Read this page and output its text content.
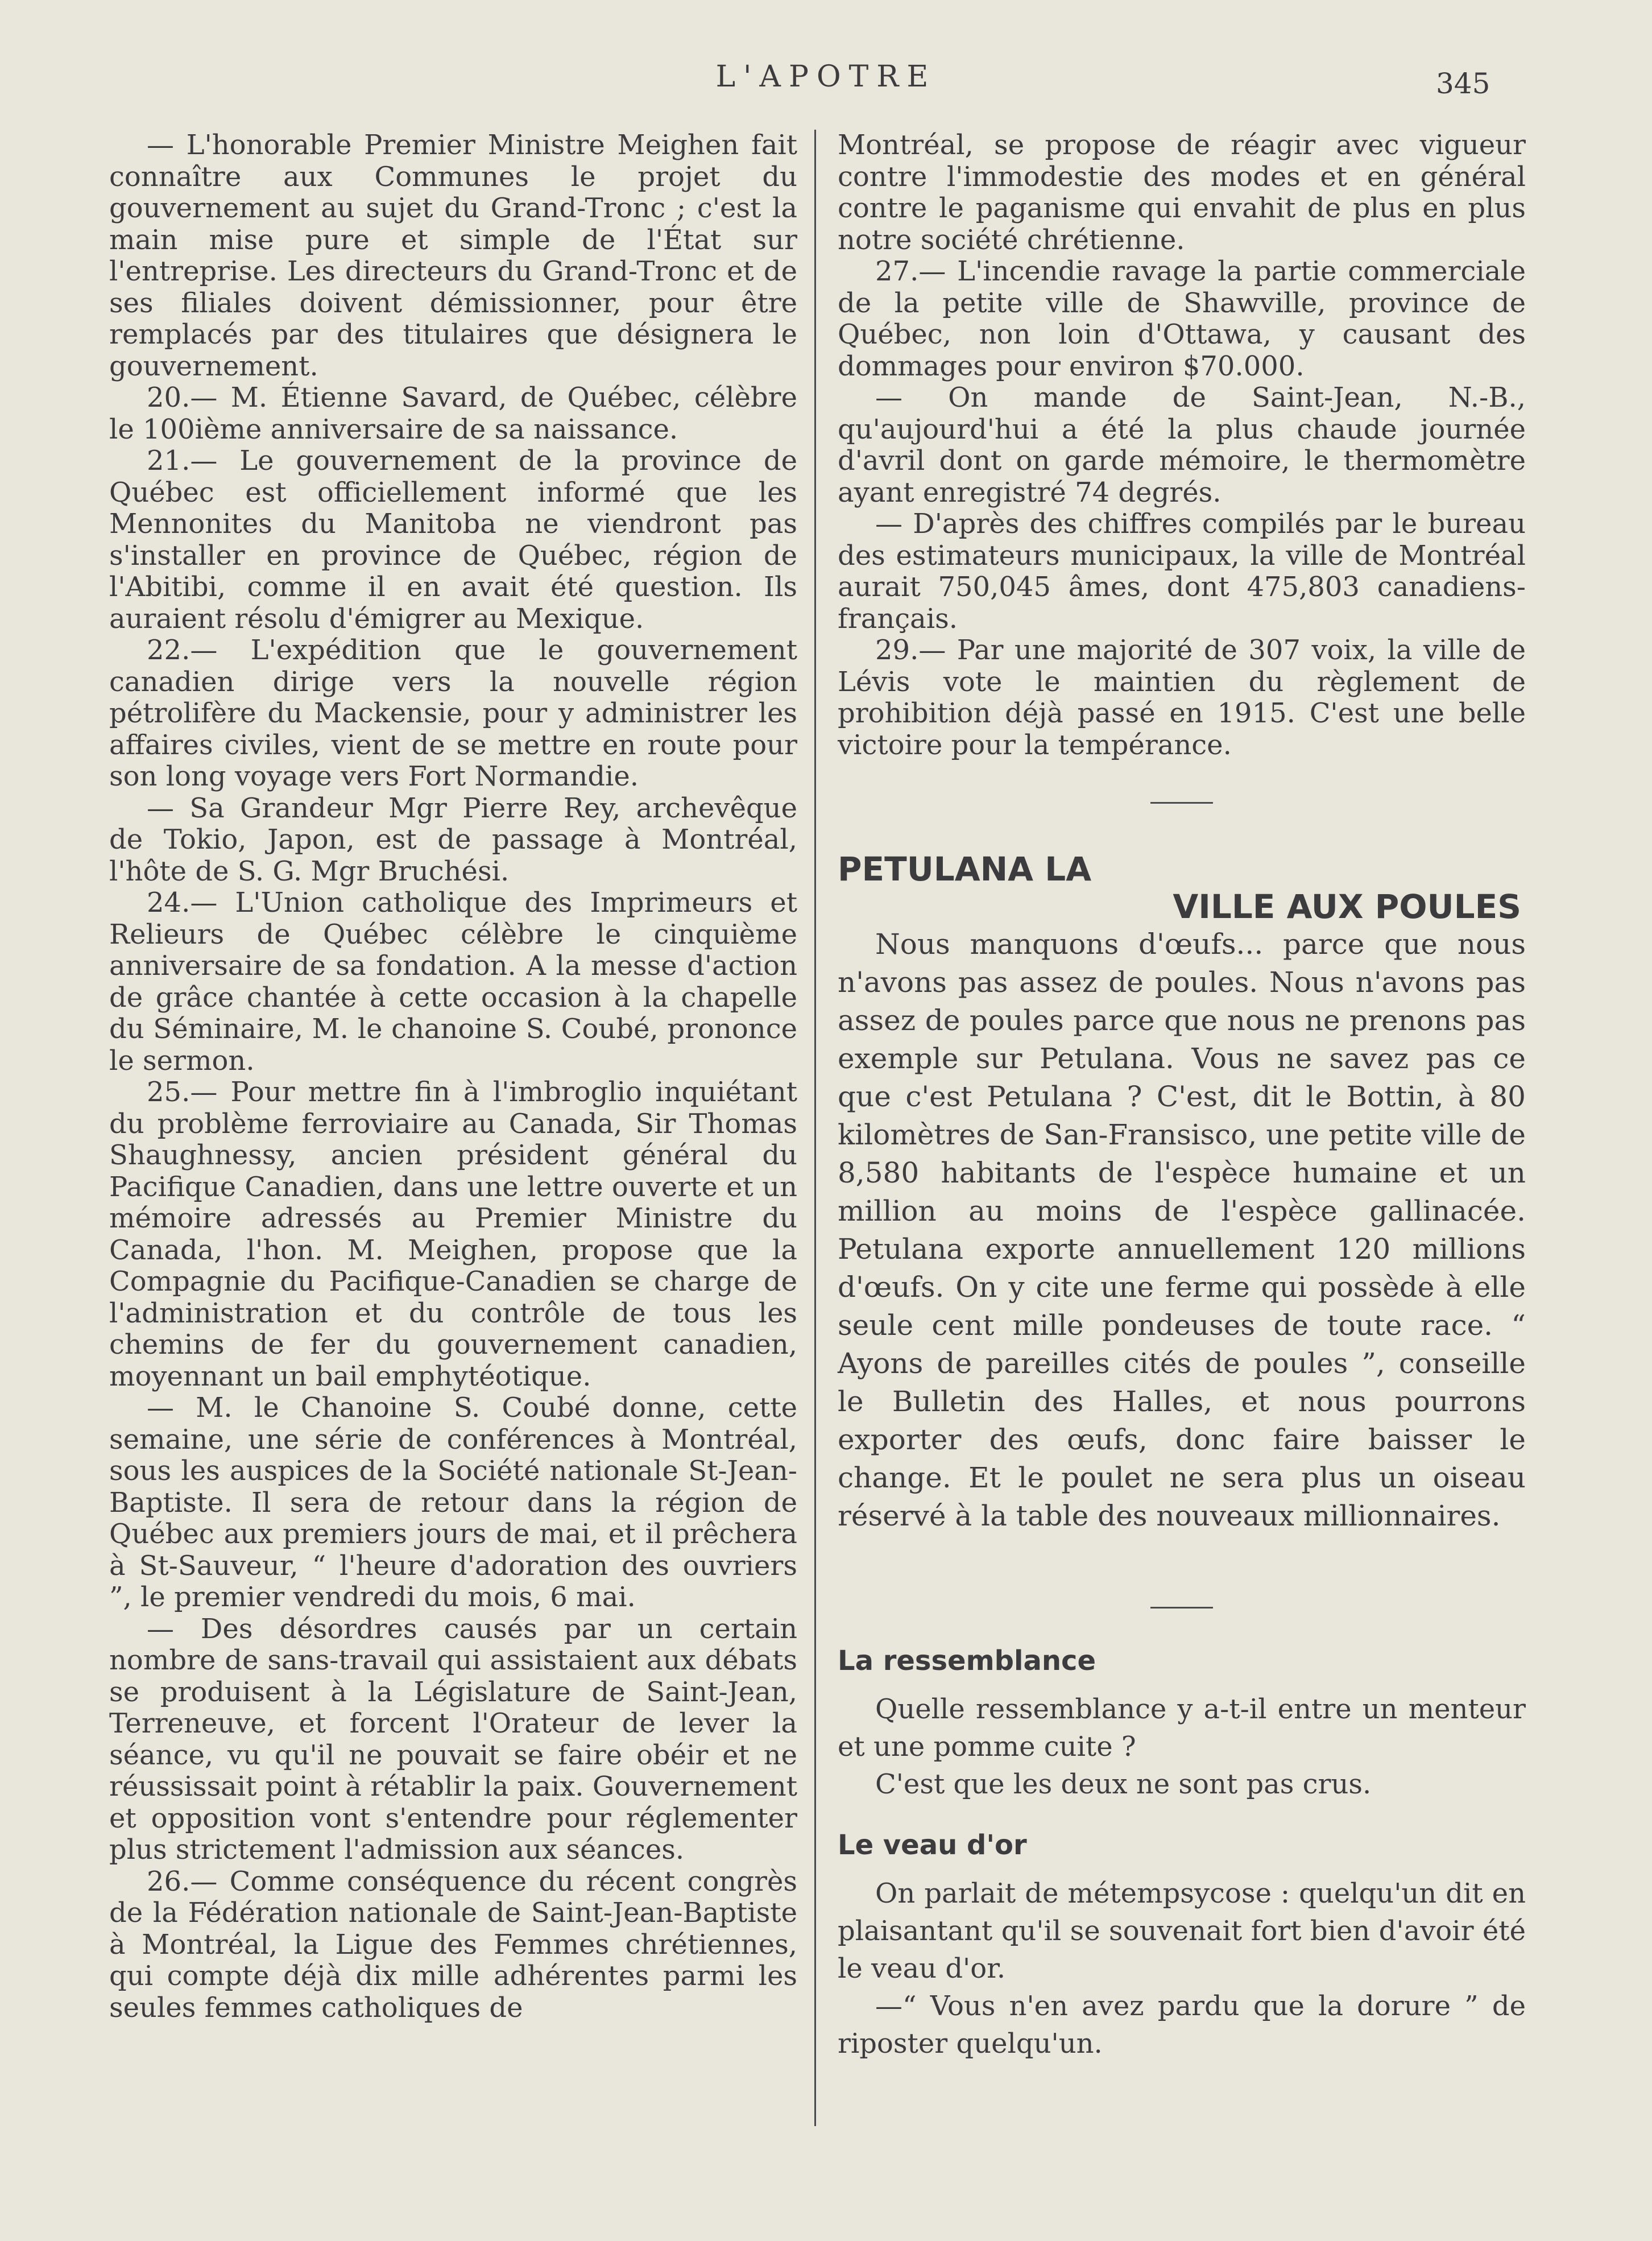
L'APOTRE	345

— L'honorable Premier Ministre Meighen fait connaître aux Communes le projet du gouvernement au sujet du Grand-Tronc ; c'est la main mise pure et simple de l'État sur l'entreprise. Les directeurs du Grand-Tronc et de ses filiales doivent démissionner, pour être remplacés par des titulaires que désignera le gouvernement.

20.— M. Étienne Savard, de Québec, célèbre le 100ième anniversaire de sa naissance.

21.— Le gouvernement de la province de Québec est officiellement informé que les Mennonites du Manitoba ne viendront pas s'installer en province de Québec, région de l'Abitibi, comme il en avait été question. Ils auraient résolu d'émigrer au Mexique.

22.— L'expédition que le gouvernement canadien dirige vers la nouvelle région pétrolifère du Mackensie, pour y administrer les affaires civiles, vient de se mettre en route pour son long voyage vers Fort Normandie.

— Sa Grandeur Mgr Pierre Rey, archevêque de Tokio, Japon, est de passage à Montréal, l'hôte de S. G. Mgr Bruchési.

24.— L'Union catholique des Imprimeurs et Relieurs de Québec célèbre le cinquième anniversaire de sa fondation. A la messe d'action de grâce chantée à cette occasion à la chapelle du Séminaire, M. le chanoine S. Coubé, prononce le sermon.

25.— Pour mettre fin à l'imbroglio inquiétant du problème ferroviaire au Canada, Sir Thomas Shaughnessy, ancien président général du Pacifique Canadien, dans une lettre ouverte et un mémoire adressés au Premier Ministre du Canada, l'hon. M. Meighen, propose que la Compagnie du Pacifique-Canadien se charge de l'administration et du contrôle de tous les chemins de fer du gouvernement canadien, moyennant un bail emphytéotique.

— M. le Chanoine S. Coubé donne, cette semaine, une série de conférences à Montréal, sous les auspices de la Société nationale St-Jean-Baptiste. Il sera de retour dans la région de Québec aux premiers jours de mai, et il prêchera à St-Sauveur, “ l'heure d'adoration des ouvriers ”, le premier vendredi du mois, 6 mai.

— Des désordres causés par un certain nombre de sans-travail qui assistaient aux débats se produisent à la Législature de Saint-Jean, Terreneuve, et forcent l'Orateur de lever la séance, vu qu'il ne pouvait se faire obéir et ne réussissait point à rétablir la paix. Gouvernement et opposition vont s'entendre pour réglementer plus strictement l'admission aux séances.

26.— Comme conséquence du récent congrès de la Fédération nationale de Saint-Jean-Baptiste à Montréal, la Ligue des Femmes chrétiennes, qui compte déjà dix mille adhérentes parmi les seules femmes catholiques de

Montréal, se propose de réagir avec vigueur contre l'immodestie des modes et en général contre le paganisme qui envahit de plus en plus notre société chrétienne.

27.— L'incendie ravage la partie commerciale de la petite ville de Shawville, province de Québec, non loin d'Ottawa, y causant des dommages pour environ $70.000.

— On mande de Saint-Jean, N.-B., qu'aujourd'hui a été la plus chaude journée d'avril dont on garde mémoire, le thermomètre ayant enregistré 74 degrés.

— D'après des chiffres compilés par le bureau des estimateurs municipaux, la ville de Montréal aurait 750,045 âmes, dont 475,803 canadiens-français.

29.— Par une majorité de 307 voix, la ville de Lévis vote le maintien du règlement de prohibition déjà passé en 1915. C'est une belle victoire pour la tempérance.

PETULANA LA
VILLE AUX POULES

Nous manquons d'œufs... parce que nous n'avons pas assez de poules. Nous n'avons pas assez de poules parce que nous ne prenons pas exemple sur Petulana. Vous ne savez pas ce que c'est Petulana ? C'est, dit le Bottin, à 80 kilomètres de San-Fransisco, une petite ville de 8,580 habitants de l'espèce humaine et un million au moins de l'espèce gallinacée. Petulana exporte annuellement 120 millions d'œufs. On y cite une ferme qui possède à elle seule cent mille pondeuses de toute race. “ Ayons de pareilles cités de poules ”, conseille le Bulletin des Halles, et nous pourrons exporter des œufs, donc faire baisser le change. Et le poulet ne sera plus un oiseau réservé à la table des nouveaux millionnaires.

La ressemblance

Quelle ressemblance y a-t-il entre un menteur et une pomme cuite ?

C'est que les deux ne sont pas crus.

Le veau d'or

On parlait de métempsycose : quelqu'un dit en plaisantant qu'il se souvenait fort bien d'avoir été le veau d'or.

—“ Vous n'en avez pardu que la dorure ” de riposter quelqu'un.
